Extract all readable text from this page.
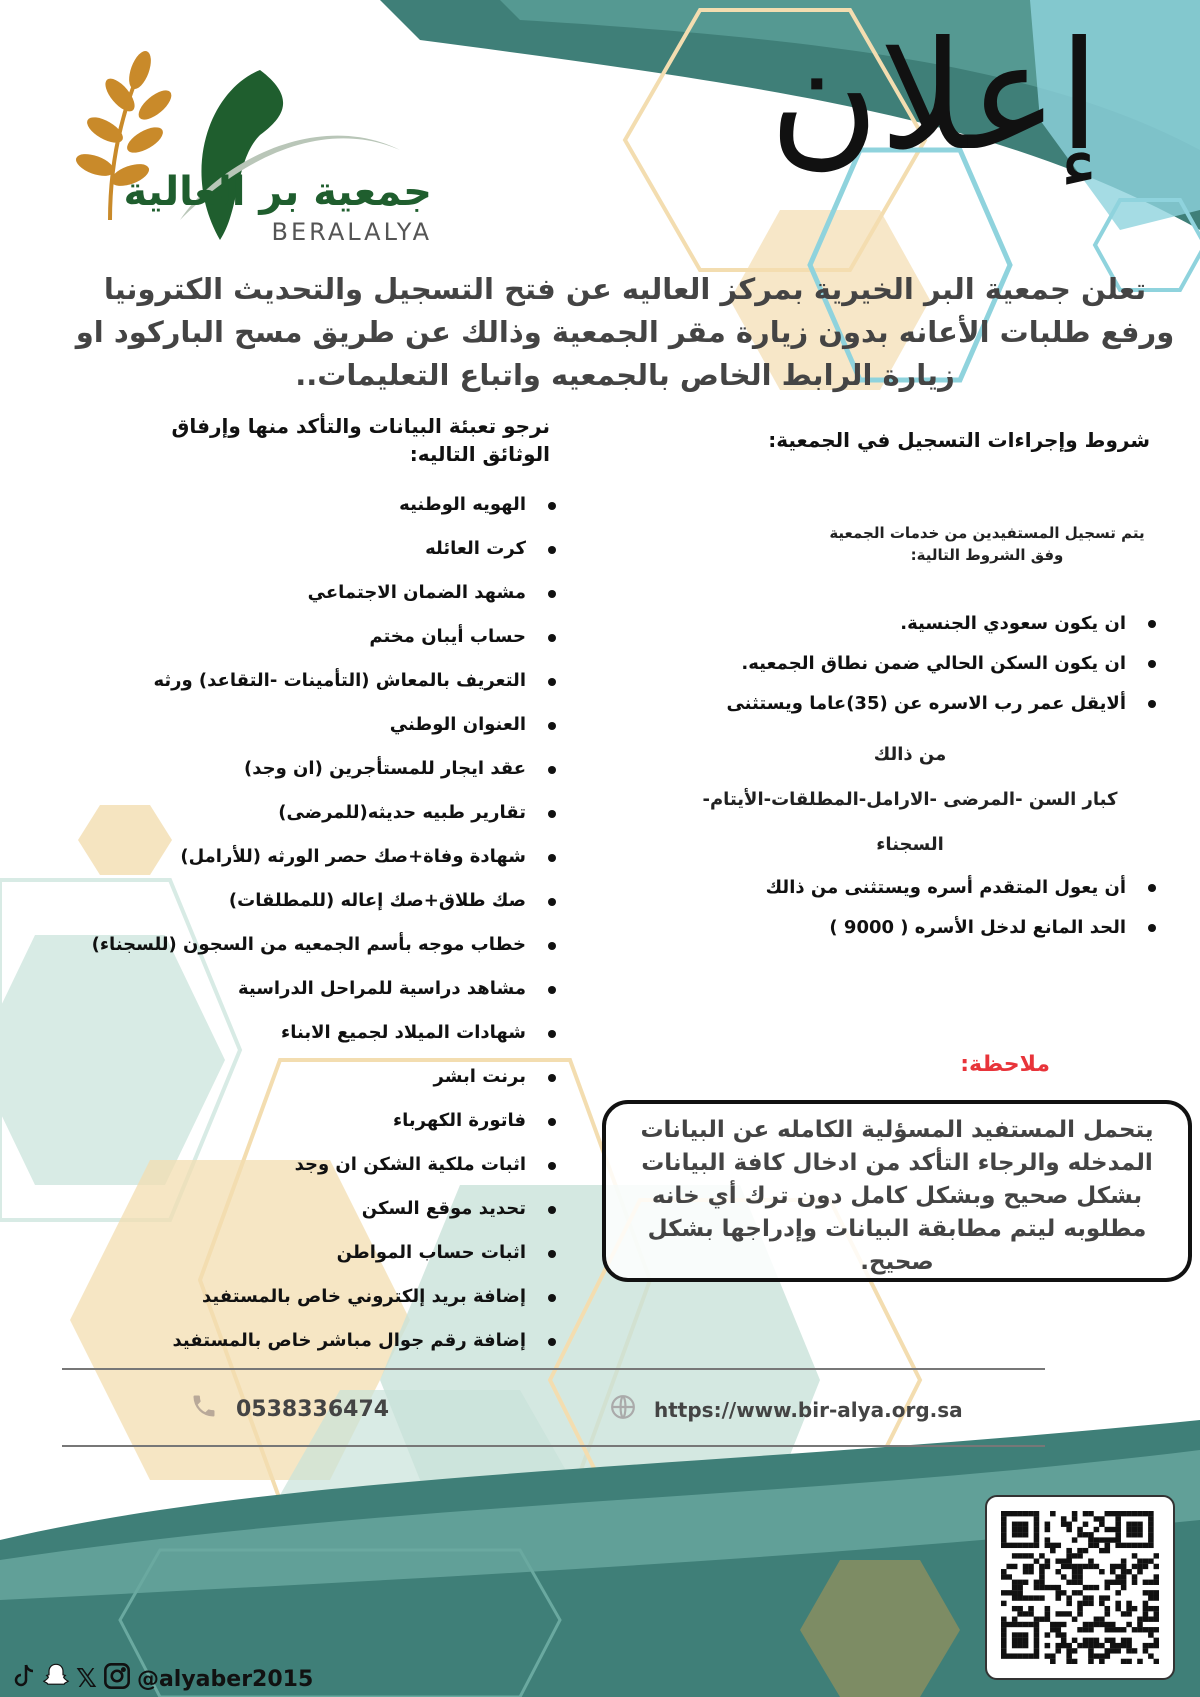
جمعية بر العالية
BERALALYA
إعلان
تعلن جمعية البر الخيرية بمركز العاليه عن فتح التسجيل والتحديث الكترونيا ورفع طلبات الأعانه بدون زيارة مقر الجمعية وذالك عن طريق مسح الباركود او زيارة الرابط الخاص بالجمعيه واتباع التعليمات..
شروط وإجراءات التسجيل في الجمعية:
يتم تسجيل المستفيدين من خدمات الجمعية وفق الشروط التالية:
ان يكون سعودي الجنسية.
ان يكون السكن الحالي ضمن نطاق الجمعيه.
ألايقل عمر رب الاسره عن (35)عاما ويستثنى
من ذالك
كبار السن -المرضى -الارامل-المطلقات-الأيتام-
السجناء
أن يعول المتقدم أسره ويستثنى من ذالك
الحد المانع لدخل الأسره ( 9000 )
نرجو تعبئة البيانات والتأكد منها وإرفاق الوثائق التاليه:
الهويه الوطنيه
كرت العائله
مشهد الضمان الاجتماعي
حساب أيبان مختم
التعريف بالمعاش (التأمينات -التقاعد) ورثه
العنوان الوطني
عقد ايجار للمستأجرين (ان وجد)
تقارير طبيه حديثه(للمرضى)
شهادة وفاة+صك حصر الورثه (للأرامل)
صك طلاق+صك إعاله (للمطلقات)
خطاب موجه بأسم الجمعيه من السجون (للسجناء)
مشاهد دراسية للمراحل الدراسية
شهادات الميلاد لجميع الابناء
برنت ابشر
فاتورة الكهرباء
اثبات ملكية الشكن ان وجد
تحديد موقع السكن
اثبات حساب المواطن
إضافة بريد إلكتروني خاص بالمستفيد
إضافة رقم جوال مباشر خاص بالمستفيد
ملاحظة:
يتحمل المستفيد المسؤلية الكامله عن البيانات المدخله والرجاء التأكد من ادخال كافة البيانات بشكل صحيح وبشكل كامل دون ترك أي خانه مطلوبه ليتم مطابقة البيانات وإدراجها بشكل صحيح.
0538336474	https://www.bir-alya.org.sa
𝕏 @alyaber2015
